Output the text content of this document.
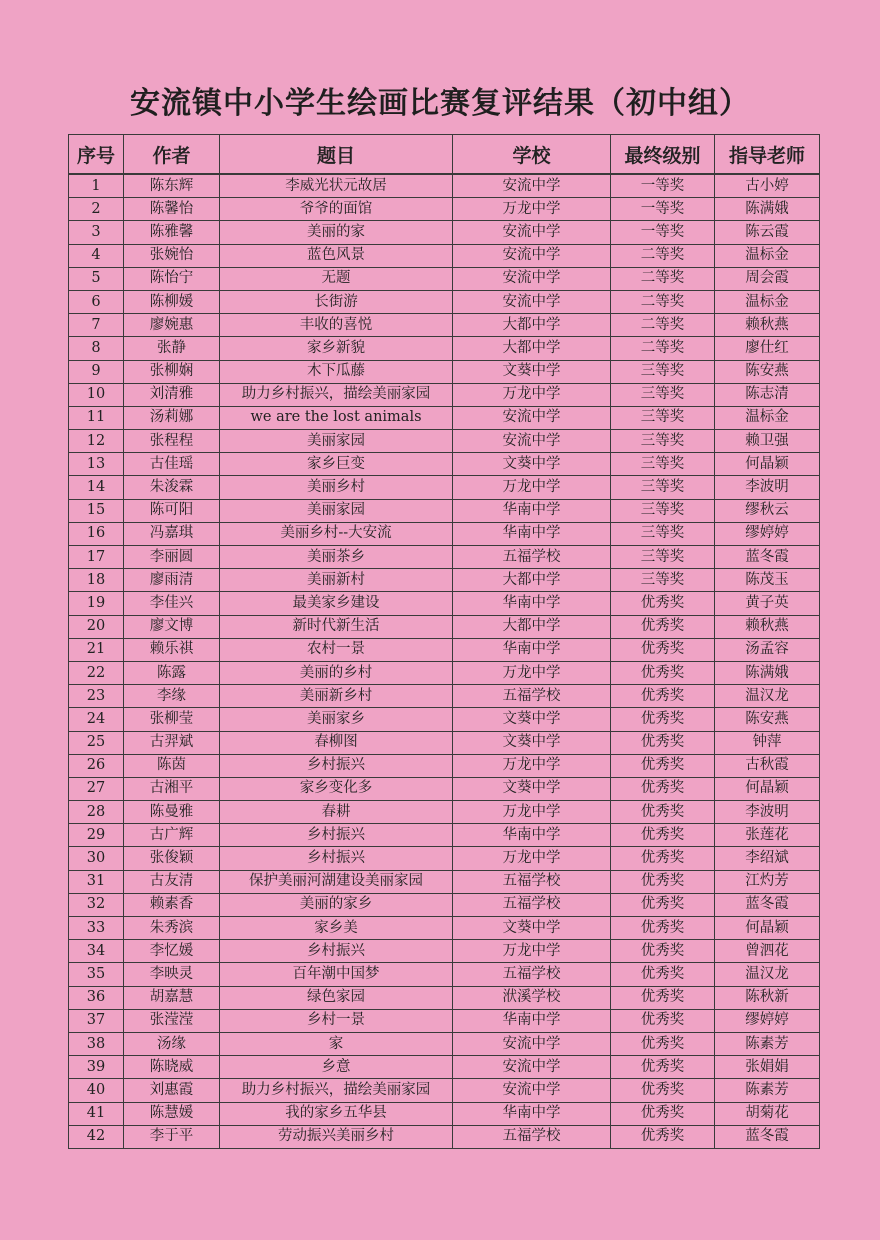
安流镇中小学生绘画比赛复评结果（初中组）
序号	作者	题目	学校	最终级别	指导老师
1	陈东辉	李威光状元故居	安流中学	一等奖	古小婷
2	陈馨怡	爷爷的面馆	万龙中学	一等奖	陈满娥
3	陈雅馨	美丽的家	安流中学	一等奖	陈云霞
4	张婉怡	蓝色风景	安流中学	二等奖	温标金
5	陈怡宁	无题	安流中学	二等奖	周会霞
6	陈柳媛	长街游	安流中学	二等奖	温标金
7	廖婉惠	丰收的喜悦	大都中学	二等奖	赖秋燕
8	张静	家乡新貌	大都中学	二等奖	廖仕红
9	张柳娴	木下瓜藤	文葵中学	三等奖	陈安燕
10	刘清雅	助力乡村振兴，描绘美丽家园	万龙中学	三等奖	陈志清
11	汤莉娜	we are the lost animals	安流中学	三等奖	温标金
12	张程程	美丽家园	安流中学	三等奖	赖卫强
13	古佳瑶	家乡巨变	文葵中学	三等奖	何晶颖
14	朱浚霖	美丽乡村	万龙中学	三等奖	李波明
15	陈可阳	美丽家园	华南中学	三等奖	缪秋云
16	冯嘉琪	美丽乡村--大安流	华南中学	三等奖	缪婷婷
17	李丽圆	美丽茶乡	五福学校	三等奖	蓝冬霞
18	廖雨清	美丽新村	大都中学	三等奖	陈茂玉
19	李佳兴	最美家乡建设	华南中学	优秀奖	黄子英
20	廖文博	新时代新生活	大都中学	优秀奖	赖秋燕
21	赖乐祺	农村一景	华南中学	优秀奖	汤孟容
22	陈露	美丽的乡村	万龙中学	优秀奖	陈满娥
23	李缘	美丽新乡村	五福学校	优秀奖	温汉龙
24	张柳莹	美丽家乡	文葵中学	优秀奖	陈安燕
25	古羿斌	春柳图	文葵中学	优秀奖	钟萍
26	陈茵	乡村振兴	万龙中学	优秀奖	古秋霞
27	古湘平	家乡变化多	文葵中学	优秀奖	何晶颖
28	陈曼雅	春耕	万龙中学	优秀奖	李波明
29	古广辉	乡村振兴	华南中学	优秀奖	张莲花
30	张俊颖	乡村振兴	万龙中学	优秀奖	李绍斌
31	古友清	保护美丽河湖建设美丽家园	五福学校	优秀奖	江灼芳
32	赖素香	美丽的家乡	五福学校	优秀奖	蓝冬霞
33	朱秀滨	家乡美	文葵中学	优秀奖	何晶颖
34	李忆媛	乡村振兴	万龙中学	优秀奖	曾泗花
35	李映灵	百年潮中国梦	五福学校	优秀奖	温汉龙
36	胡嘉慧	绿色家园	洑溪学校	优秀奖	陈秋新
37	张滢滢	乡村一景	华南中学	优秀奖	缪婷婷
38	汤缘	家	安流中学	优秀奖	陈素芳
39	陈晓威	乡意	安流中学	优秀奖	张娟娟
40	刘惠霞	助力乡村振兴，描绘美丽家园	安流中学	优秀奖	陈素芳
41	陈慧媛	我的家乡五华县	华南中学	优秀奖	胡菊花
42	李于平	劳动振兴美丽乡村	五福学校	优秀奖	蓝冬霞
